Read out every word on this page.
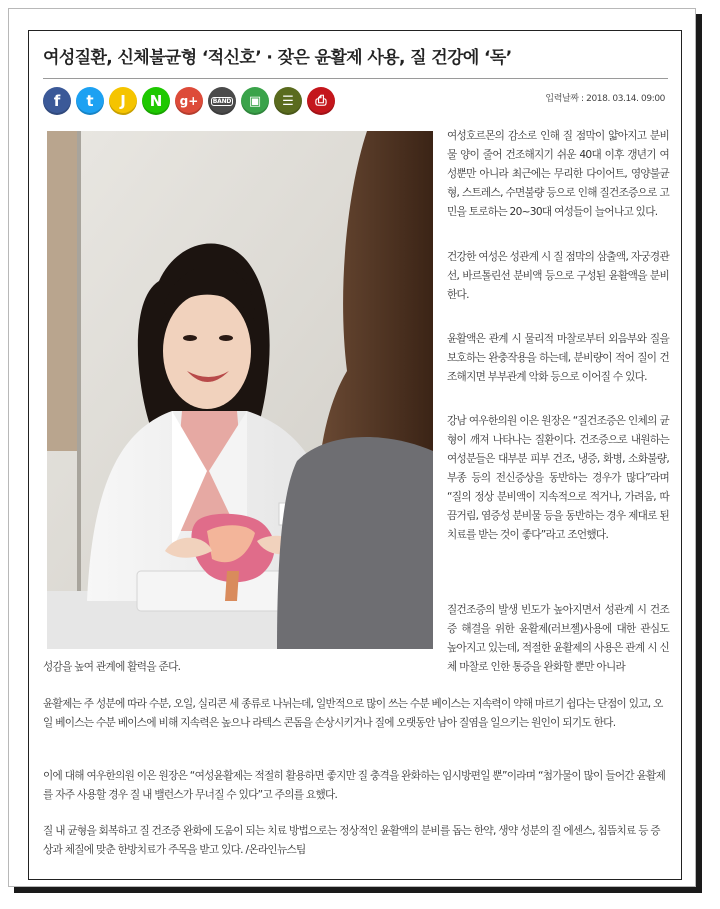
여성질환, 신체불균형 ‘적신호’ · 잦은 윤활제 사용, 질 건강에 ‘독’
f t J N g+	BAND ▣ ☰ ⎙	입력날짜 : 2018. 03.14. 09:00

여성호르몬의 감소로 인해 질 점막이 얇아지고 분비물 양이 줄어 건조해지기 쉬운 40대 이후 갱년기 여성뿐만 아니라 최근에는 무리한 다이어트, 영양불균형, 스트레스, 수면불량 등으로 인해 질건조증으로 고민을 토로하는 20~30대 여성들이 늘어나고 있다.

건강한 여성은 성관계 시 질 점막의 삼출액, 자궁경관선, 바르톨린선 분비액 등으로 구성된 윤활액을 분비한다.

윤활액은 관계 시 물리적 마찰로부터 외음부와 질을 보호하는 완충작용을 하는데, 분비량이 적어 질이 건조해지면 부부관계 악화 등으로 이어질 수 있다.

강남 여우한의원 이은 원장은 “질건조증은 인체의 균형이 깨져 나타나는 질환이다. 건조증으로 내원하는 여성분들은 대부분 피부 건조, 냉증, 화병, 소화불량, 부종 등의 전신증상을 동반하는 경우가 많다”라며 “질의 정상 분비액이 지속적으로 적거나, 가려움, 따끔거림, 염증성 분비물 등을 동반하는 경우 제대로 된 치료를 받는 것이 좋다”라고 조언했다.

질건조증의 발생 빈도가 높아지면서 성관계 시 건조증 해결을 위한 윤활제(러브젤)사용에 대한 관심도 높아지고 있는데, 적절한 윤활제의 사용은 관계 시 신체 마찰로 인한 통증을 완화할 뿐만 아니라

성감을 높여 관계에 활력을 준다.

윤활제는 주 성분에 따라 수분, 오일, 실리콘 세 종류로 나뉘는데, 일반적으로 많이 쓰는 수분 베이스는 지속력이 약해 마르기 쉽다는 단점이 있고, 오일 베이스는 수분 베이스에 비해 지속력은 높으나 라텍스 콘돔을 손상시키거나 질에 오랫동안 남아 질염을 일으키는 원인이 되기도 한다.

이에 대해 여우한의원 이은 원장은 “여성윤활제는 적절히 활용하면 좋지만 질 충격을 완화하는 임시방편일 뿐”이라며 “첨가물이 많이 들어간 윤활제를 자주 사용할 경우 질 내 밸런스가 무너질 수 있다”고 주의를 요했다.

질 내 균형을 회복하고 질 건조증 완화에 도움이 되는 치료 방법으로는 정상적인 윤활액의 분비를 돕는 한약, 생약 성분의 질 에센스, 침뜸치료 등 증상과 체질에 맞춘 한방치료가 주목을 받고 있다. /온라인뉴스팀
